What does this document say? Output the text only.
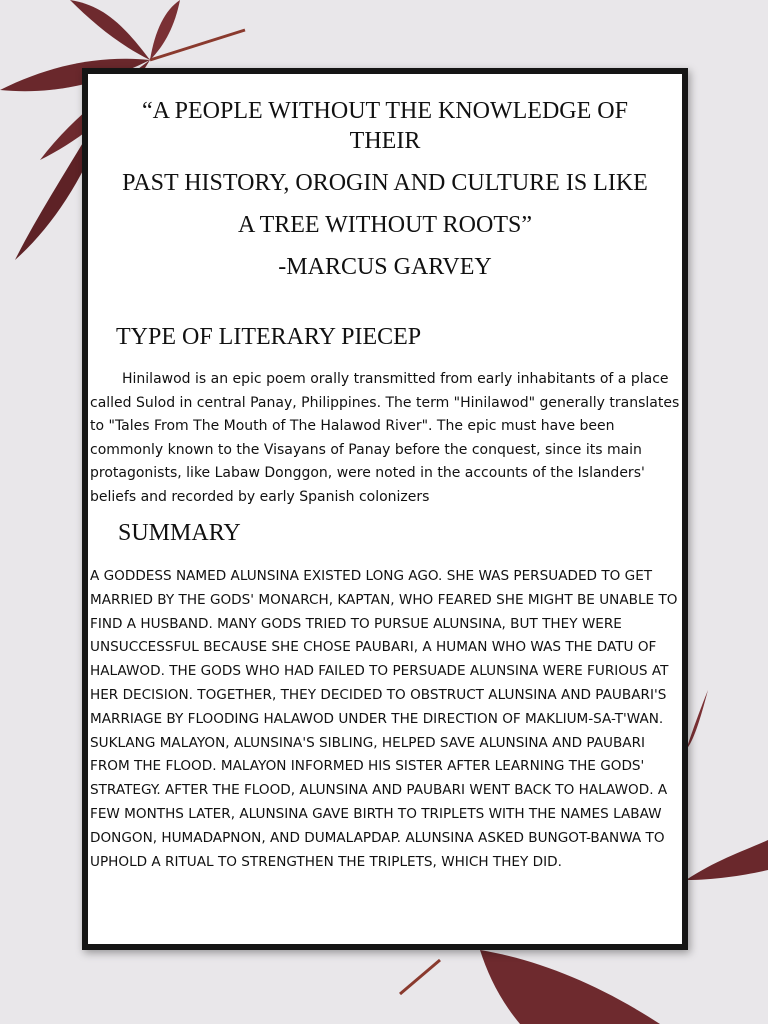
“A PEOPLE WITHOUT THE KNOWLEDGE OF

THEIR

PAST HISTORY, OROGIN AND CULTURE IS LIKE

A TREE WITHOUT ROOTS”

-MARCUS GARVEY

TYPE OF LITERARY PIECEP

Hinilawod is an epic poem orally transmitted from early inhabitants of a place called Sulod in central Panay, Philippines. The term "Hinilawod" generally translates to "Tales From The Mouth of The Halawod River". The epic must have been commonly known to the Visayans of Panay before the conquest, since its main protagonists, like Labaw Donggon, were noted in the accounts of the Islanders' beliefs and recorded by early Spanish colonizers

SUMMARY

A GODDESS NAMED ALUNSINA EXISTED LONG AGO. SHE WAS PERSUADED TO GET MARRIED BY THE GODS' MONARCH, KAPTAN, WHO FEARED SHE MIGHT BE UNABLE TO FIND A HUSBAND. MANY GODS TRIED TO PURSUE ALUNSINA, BUT THEY WERE UNSUCCESSFUL BECAUSE SHE CHOSE PAUBARI, A HUMAN WHO WAS THE DATU OF HALAWOD. THE GODS WHO HAD FAILED TO PERSUADE ALUNSINA WERE FURIOUS AT HER DECISION. TOGETHER, THEY DECIDED TO OBSTRUCT ALUNSINA AND PAUBARI'S MARRIAGE BY FLOODING HALAWOD UNDER THE DIRECTION OF MAKLIUM-SA-T'WAN. SUKLANG MALAYON, ALUNSINA'S SIBLING, HELPED SAVE ALUNSINA AND PAUBARI FROM THE FLOOD. MALAYON INFORMED HIS SISTER AFTER LEARNING THE GODS' STRATEGY. AFTER THE FLOOD, ALUNSINA AND PAUBARI WENT BACK TO HALAWOD. A FEW MONTHS LATER, ALUNSINA GAVE BIRTH TO TRIPLETS WITH THE NAMES LABAW DONGON, HUMADAPNON, AND DUMALAPDAP. ALUNSINA ASKED BUNGOT-BANWA TO UPHOLD A RITUAL TO STRENGTHEN THE TRIPLETS, WHICH THEY DID.
